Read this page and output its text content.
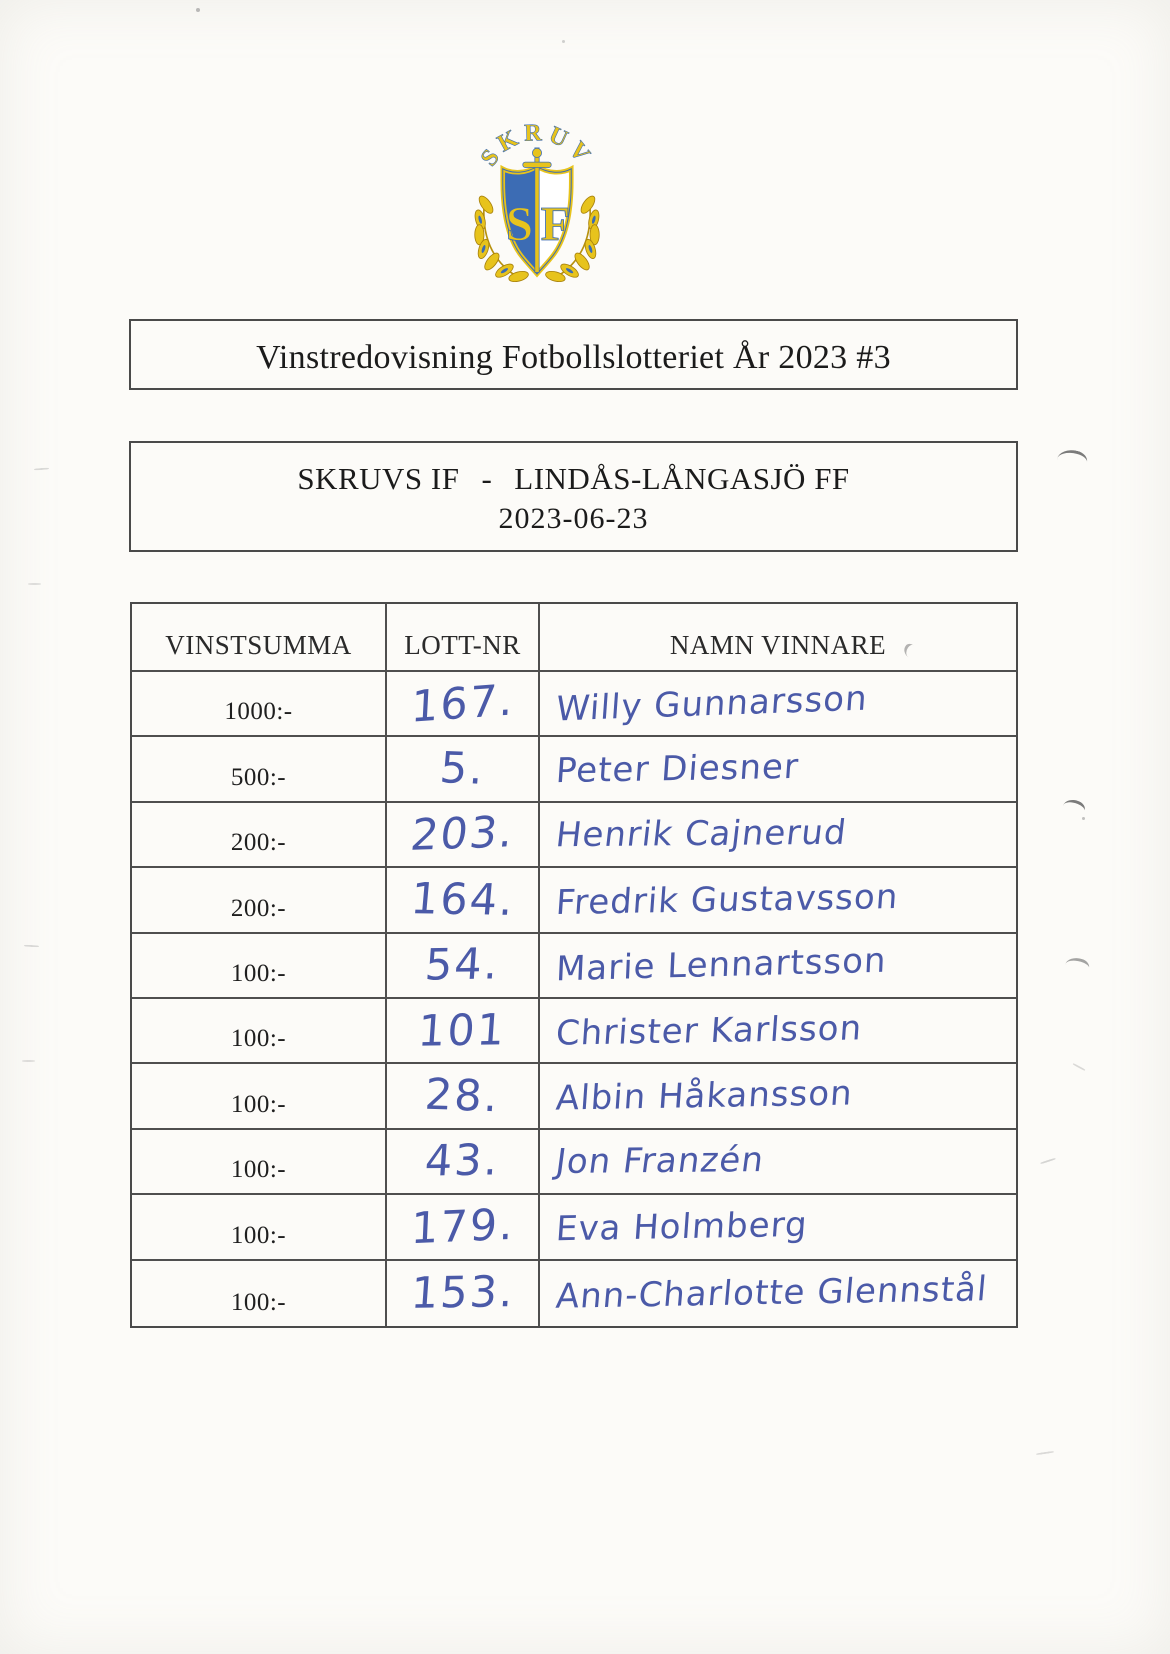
SKRUV
S F
Vinstredovisning Fotbollslotteriet År 2023 #3
SKRUVS IF - LINDÅS-LÅNGASJÖ FF
2023-06-23
VINSTSUMMA	LOTT-NR	NAMN VINNARE
1000:-	167. Willy Gunnarsson
500:-	5. Peter Diesner
200:-	203. Henrik Cajnerud
200:-	164. Fredrik Gustavsson
100:-	54. Marie Lennartsson
100:-	101 Christer Karlsson
100:-	28. Albin Håkansson
100:-	43. Jon Franzén
100:-	179. Eva Holmberg
100:-	153. Ann-Charlotte Glennstål
